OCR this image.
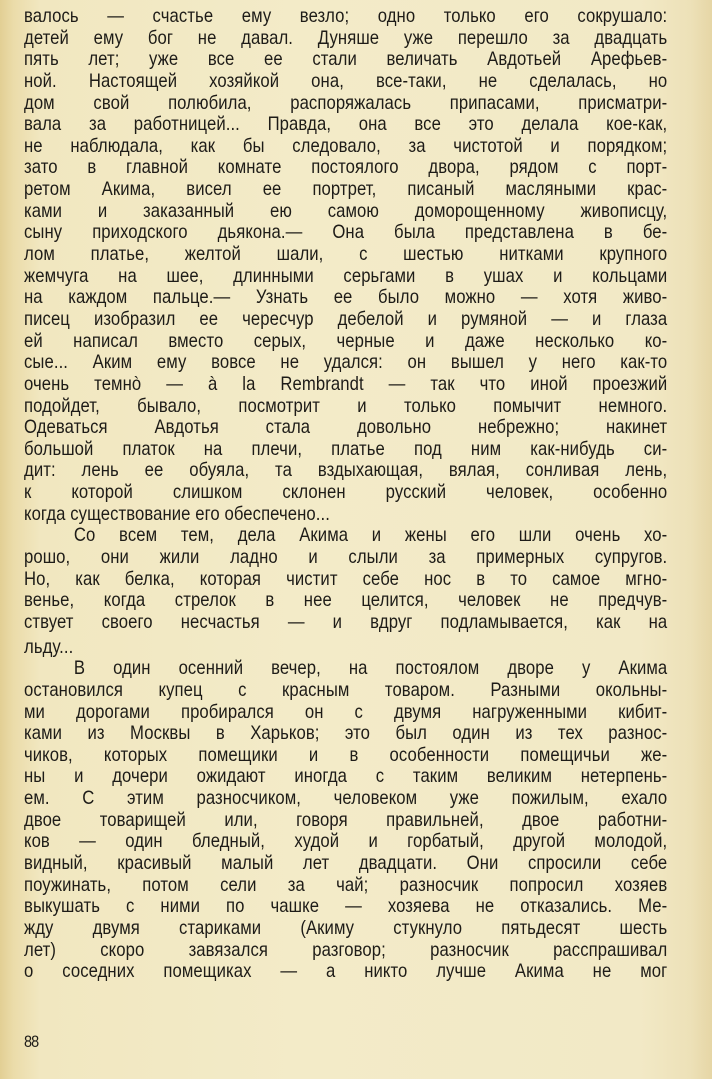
валось — счастье ему везло; одно только его сокрушало:
детей ему бог не давал. Дуняше уже перешло за двадцать
пять лет; уже все ее стали величать Авдотьей Арефьев-
ной. Настоящей хозяйкой она, все-таки, не сделалась, но
дом свой полюбила, распоряжалась припасами, присматри-
вала за работницей... Правда, она все это делала кое-как,
не наблюдала, как бы следовало, за чистотой и порядком;
зато в главной комнате постоялого двора, рядом с порт-
ретом Акима, висел ее портрет, писаный масляными крас-
ками и заказанный ею самою доморощенному живописцу,
сыну приходского дьякона.— Она была представлена в бе-
лом платье, желтой шали, с шестью нитками крупного
жемчуга на шее, длинными серьгами в ушах и кольцами
на каждом пальце.— Узнать ее было можно — хотя живо-
писец изобразил ее чересчур дебелой и румяной — и глаза
ей написал вместо серых, черные и даже несколько ко-
сые... Аким ему вовсе не удался: он вышел у него как-то
очень темнò — à la Rembrandt — так что иной проезжий
подойдет, бывало, посмотрит и только помычит немного.
Одеваться Авдотья стала довольно небрежно; накинет
большой платок на плечи, платье под ним как-нибудь си-
дит: лень ее обуяла, та вздыхающая, вялая, сонливая лень,
к которой слишком склонен русский человек, особенно
когда существование его обеспечено...
Со всем тем, дела Акима и жены его шли очень хо-
рошо, они жили ладно и слыли за примерных супругов.
Но, как белка, которая чистит себе нос в то самое мгно-
венье, когда стрелок в нее целится, человек не предчув-
ствует своего несчастья — и вдруг подламывается, как на
льду...
В один осенний вечер, на постоялом дворе у Акима
остановился купец с красным товаром. Разными окольны-
ми дорогами пробирался он с двумя нагруженными кибит-
ками из Москвы в Харьков; это был один из тех разнос-
чиков, которых помещики и в особенности помещичьи же-
ны и дочери ожидают иногда с таким великим нетерпень-
ем. С этим разносчиком, человеком уже пожилым, ехало
двое товарищей или, говоря правильней, двое работни-
ков — один бледный, худой и горбатый, другой молодой,
видный, красивый малый лет двадцати. Они спросили себе
поужинать, потом сели за чай; разносчик попросил хозяев
выкушать с ними по чашке — хозяева не отказались. Ме-
жду двумя стариками (Акиму стукнуло пятьдесят шесть
лет) скоро завязался разговор; разносчик расспрашивал
о соседних помещиках — а никто лучше Акима не мог
88
